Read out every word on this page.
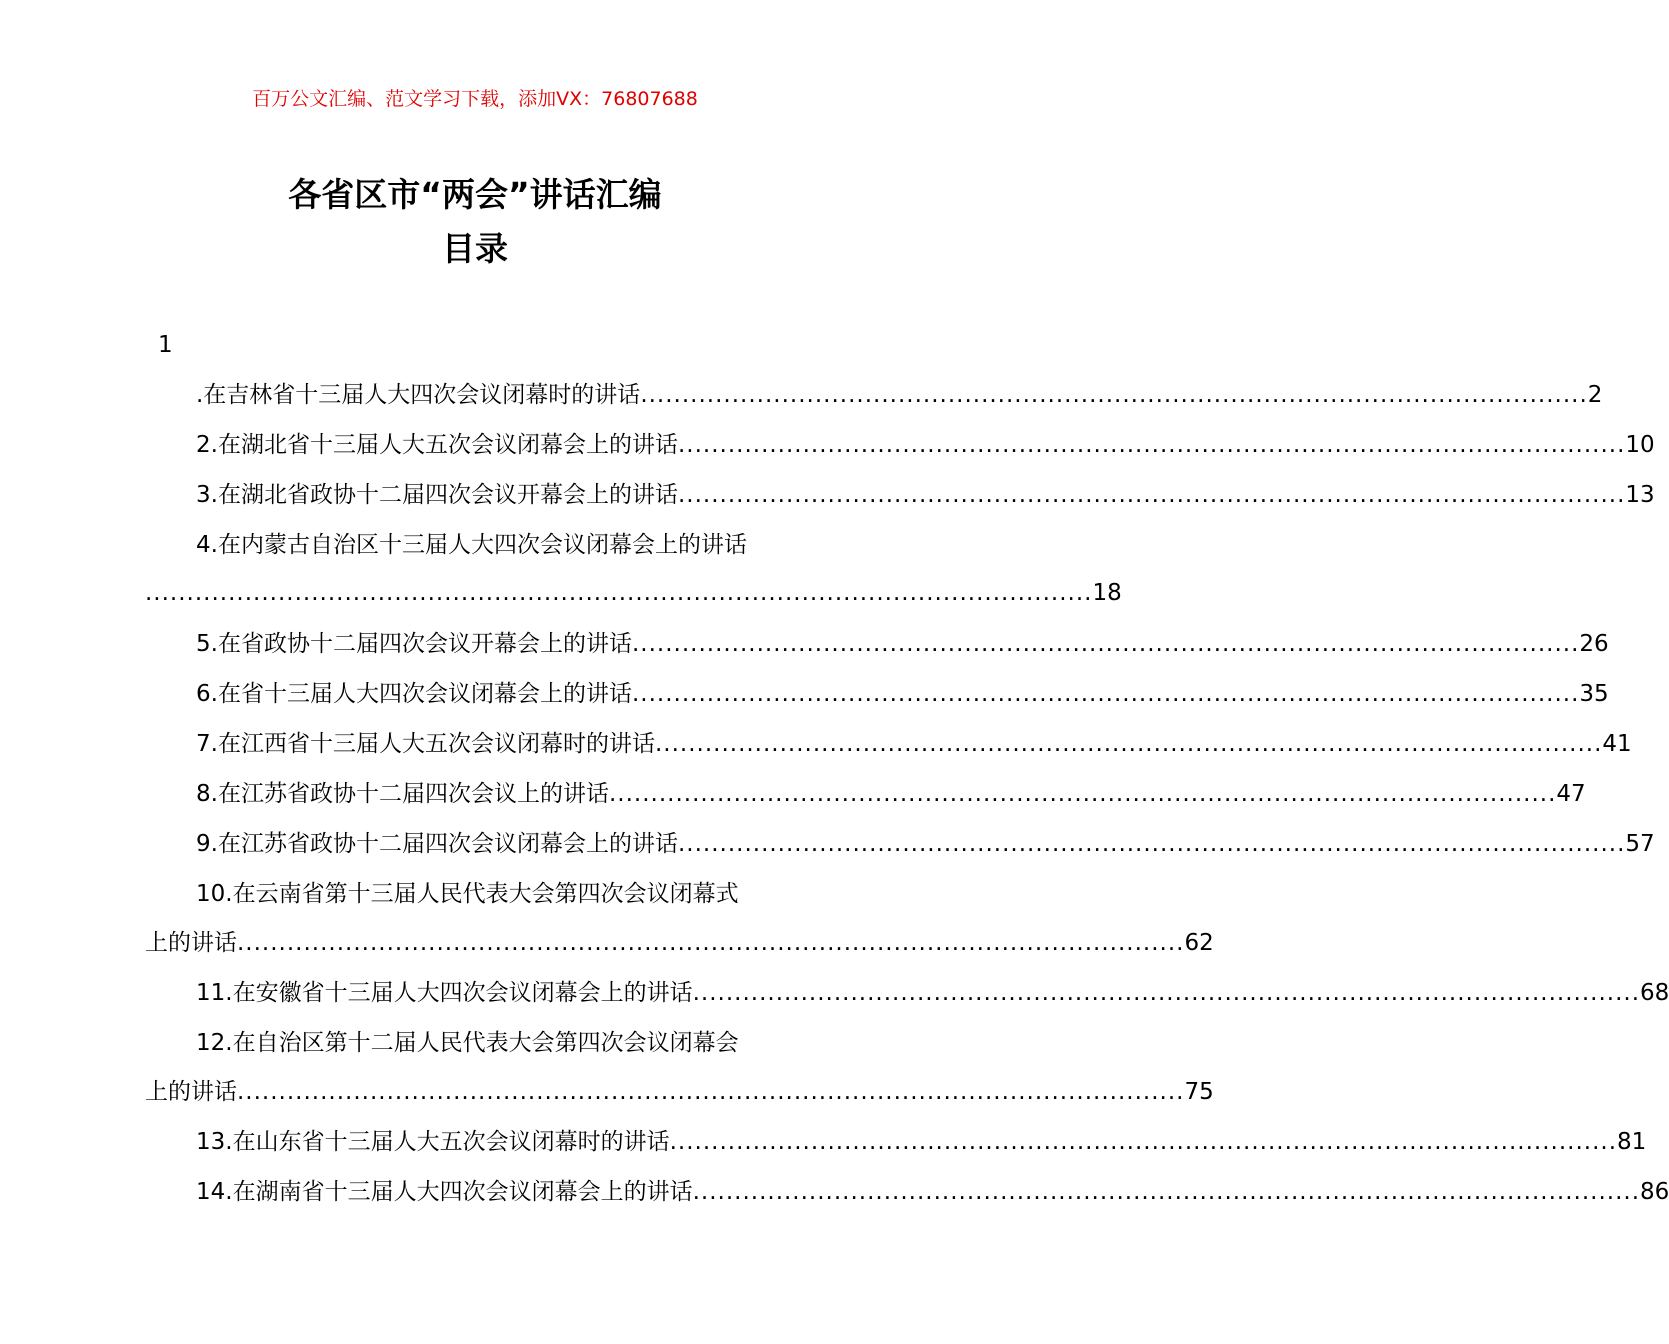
百万公文汇编、范文学习下载，添加VX：76807688
各省区市“两会”讲话汇编
目录
1
.在吉林省十三届人大四次会议闭幕时的讲话 .................................................................................................................. 2
2.在湖北省十三届人大五次会议闭幕会上的讲话 .................................................................................................................. 10
3.在湖北省政协十二届四次会议开幕会上的讲话 .................................................................................................................. 13
4.在内蒙古自治区十三届人大四次会议闭幕会上的讲话
.................................................................................................................. 18
5.在省政协十二届四次会议开幕会上的讲话 .................................................................................................................. 26
6.在省十三届人大四次会议闭幕会上的讲话 .................................................................................................................. 35
7.在江西省十三届人大五次会议闭幕时的讲话 .................................................................................................................. 41
8.在江苏省政协十二届四次会议上的讲话 .................................................................................................................. 47
9.在江苏省政协十二届四次会议闭幕会上的讲话 .................................................................................................................. 57
10.在云南省第十三届人民代表大会第四次会议闭幕式
上的讲话 .................................................................................................................. 62
11.在安徽省十三届人大四次会议闭幕会上的讲话 .................................................................................................................. 68
12.在自治区第十二届人民代表大会第四次会议闭幕会
上的讲话 .................................................................................................................. 75
13.在山东省十三届人大五次会议闭幕时的讲话 .................................................................................................................. 81
14.在湖南省十三届人大四次会议闭幕会上的讲话 .................................................................................................................. 86
